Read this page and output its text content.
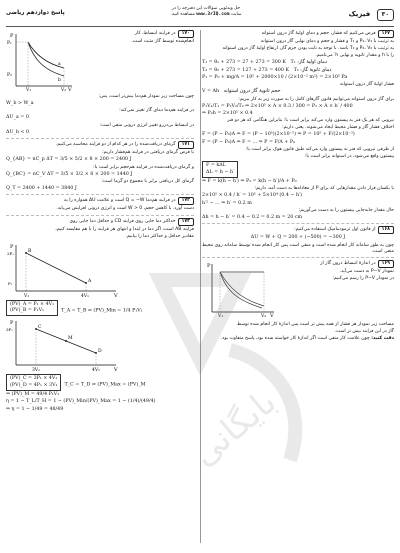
۳۰ فیزیک
حل ویدئویی سؤالات این دفترچه را در
سایت www.3rIQ.com مشاهده کنید.
پاسخ دوازدهم ریاضی
۱۶۷فرض می‌کنیم که فشار، حجم و دمای اولیهٔ گاز درون استوانه
به ترتیب با P₁، V₁ و T₁ و فشار و حجم و دمای نهایی گاز درون استوانه
به ترتیب با P₂، V₂ و T₂ باشد. با توجه به ثابت بودن جرم گاز، ارتفاع اولیهٔ گاز درون استوانه
را با h و مقدار ثانویه و نهایی h′ می‌نامیم.
T₁ = θ₁ + 273 = 27 + 273 = 300 K دمای اولیهٔ گاز: T₁
T₂ = θ₂ + 273 = 127 + 273 = 400 K دمای ثانویهٔ گاز: T₂
P₁ = P₀ + mg/A = 10⁵ + 2000×10 / (2×10⁻² m²) = 2×10⁵ Pa
فشار اولیهٔ گاز درون استوانه
V = Ah حجم ثانویهٔ گاز درون استوانه
برای گاز درون استوانه می‌توانیم قانون گازهای کامل را به صورت زیر به کار ببریم:
P₁V₁/T₁ = P₂V₂/T₂ ⇒ 2×10⁵ × A × 0.3 / 300 = P₂ × A × h′ / 400
⇒ P₂h = 2×10⁵ × 0.4
نیرویی که هر یک فنر به پیستون وارد می‌کند برابر است با: بنابراین هنگامی که هر دو فنر
اختلاف فشار گاز و فشار محیط ایجاد می‌شوند. یعنی داریم:
F = (P − P₀)A ⇒ F = (P − 10⁵)(2×10⁻²) ⇒ P = 10⁵ + F/(2×10⁻²)
F = (P − P₀)A ⇒ F = ... ⇒ P = F/A + P₀
از طرفی نیرویی که فنر به پیستون وارد می‌کند طبق قانون هوک برابر است با:
پیستون واقع می‌شود، در استوانه برابر است با:
F = kΔL
ΔL = h − h′
⇒ F = k(h − h′) ⇒ P₂ = k(h − h′)/A + P₀
با یکسان قرار دادن مقدارهایی که برای P از معادله‌ها به دست آمد، داریم:
2×10⁵ × 0.4 / h′ = 10⁵ + 5×10⁴ (0.4 − h′)
h′² − ... ⇒ h′ = 0.2 m
حال مقدار جابه‌جایی پیستون را به دست می‌آوریم:
Δh = h − h′ = 0.4 − 0.2 = 0.2 m = 20 cm
۱۶۸از قانون اول ترمودینامیک استفاده می‌کنیم:
ΔU = W + Q = 200 + (−500) = −300 J
چون به طور سامانه کار انجام شده است و منفی است پس کار انجام شده توسط سامانه روی محیط منفی است.
۱۶۹در اندازهٔ انبساط درون گاز از
نمودار P−V به دست می‌آید.
در نمودار P−V را رسم می‌کنیم:
P
V
V₁	V₂
مساحت زیر نمودار هر فشار از همه بیش تر است پس اندازهٔ کار انجام شده توسط
گاز در این فرایند بیش تر است.
دقت کنید: چون علامت کار منفی است اگر اندازهٔ کار خواسته شده بود، پاسخ متفاوت بود.
۱۷۰در فرایند انبساط، کار
انجام‌شده توسط گاز مثبت است.
P
V
P₁
P₂
a
b
V₁	V₂
چون مساحت زیر نمودار هم‌دما بیش‌تر است، پس:
W_b > W_a
در فرایند هم‌دما دمای گاز تغییر نمی‌کند:
ΔU_a = 0
در انبساط بی‌دررو تغییر انرژی درونی منفی است:
ΔU_b < 0
۱۷۱گرمای دریافت‌شده را در هر کدام از دو فرایند محاسبه می‌کنیم.
با فرض گرمای دریافتی در فرایند هم‌فشار داریم:
Q_{AB} = nC_p ΔT = 3/5 × 5/2 × 8 × 200 = 2400 J
و گرمای دریافت‌شده در فرایند هم‌حجم برابر است با:
Q_{BC} = nC_V ΔT = 3/5 × 3/2 × 8 × 200 = 1440 J
گرمای کل دریافتی برابر با مجموع دو گرما است:
Q_T = 2400 + 1440 = 3840 J
۱۷۲در فرایند هم‌دما Q = −W است و علامت ΔU همواره را به
دست آورد. با کاهش حجم، W > 0 است و انرژی درونی افزایش می‌یابد.
۱۷۳حداکثر دما جایی روی فرایند CD و حداقل دما جایی روی
فرایند AB است، اگر دما در ابتدا و انتهای هر فرایند را با هم مقایسه کنیم،
مقادیر حداقل و حداکثر دما را بیابیم.
P
V
B
A
V₁	4V₁
2P₁
P₁
(PV)_A = P₁ × 4V₁
(PV)_B = P₁V₁	T_A = T_B ⇒ (PV)_Min = 1/4 P₁V₁
P
V
C
D
M
3V₁	4V₁
3P₁
(PV)_C = 3P₁ × 4V₁
(PV)_D = 4P₁ × 3V₁ T_C = T_D ⇒ (PV)_Max = (PV)_M
⇒ (PV)_M = 49/4 P₁V₁
η = 1 − T_L/T_H = 1 − (PV)_Min/(PV)_Max = 1 − (1/4)/(49/4)
⇒ η = 1 − 1/49 = 48/49	بایگانی
